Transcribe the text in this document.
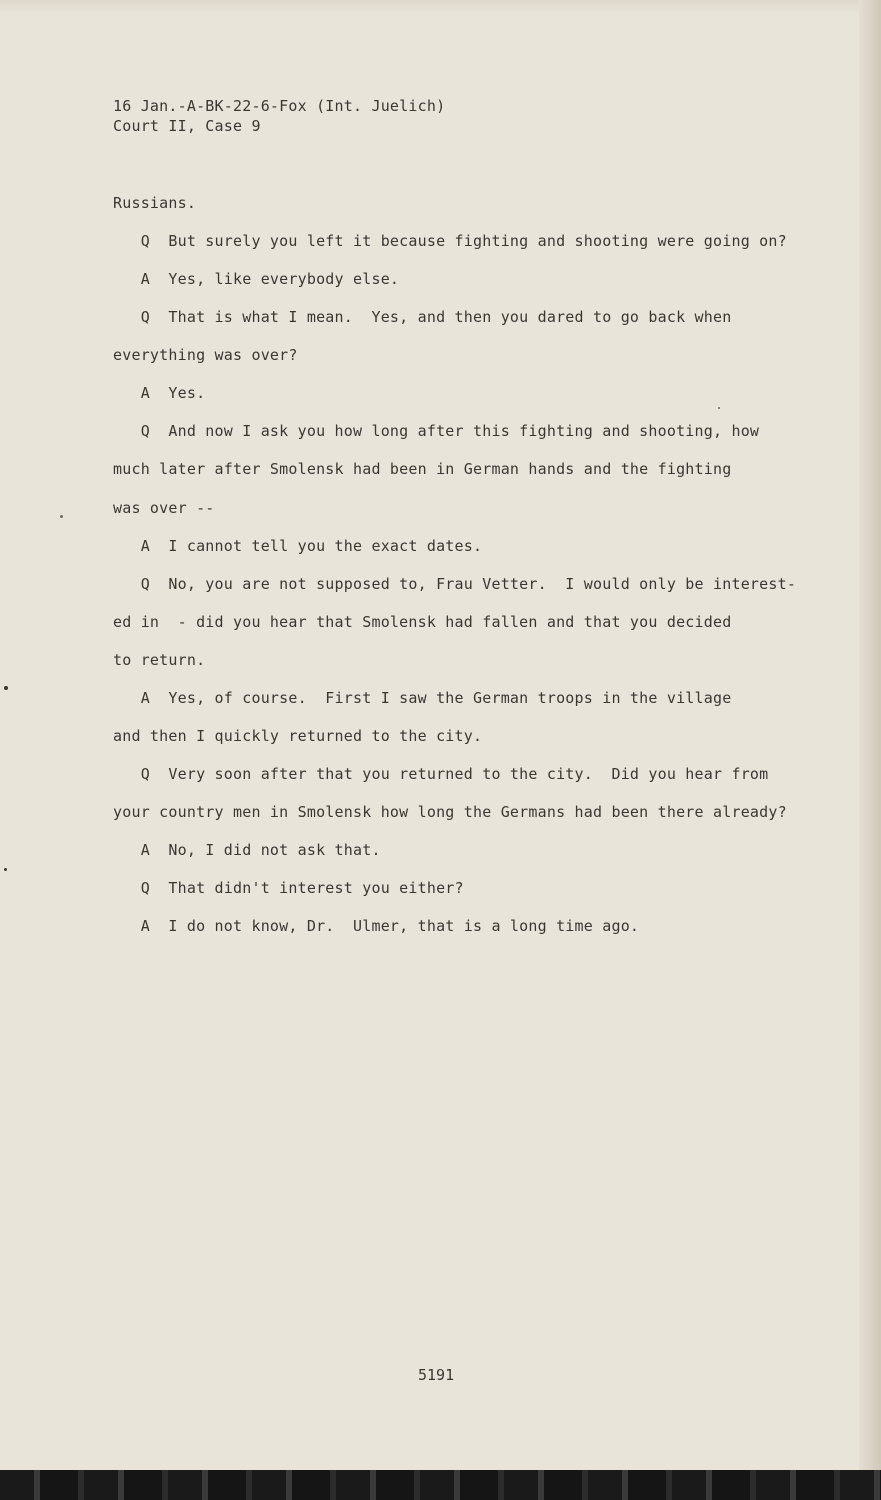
16 Jan.-A-BK-22-6-Fox (Int. Juelich)
Court II, Case 9
Russians.
Q  But surely you left it because fighting and shooting were going on?
A  Yes, like everybody else.
Q  That is what I mean.  Yes, and then you dared to go back when
everything was over?
A  Yes.
Q  And now I ask you how long after this fighting and shooting, how
much later after Smolensk had been in German hands and the fighting
was over --
A  I cannot tell you the exact dates.
Q  No, you are not supposed to, Frau Vetter.  I would only be interest-
ed in  - did you hear that Smolensk had fallen and that you decided
to return.
A  Yes, of course.  First I saw the German troops in the village
and then I quickly returned to the city.
Q  Very soon after that you returned to the city.  Did you hear from
your country men in Smolensk how long the Germans had been there already?
A  No, I did not ask that.
Q  That didn't interest you either?
A  I do not know, Dr.  Ulmer, that is a long time ago.
5191
